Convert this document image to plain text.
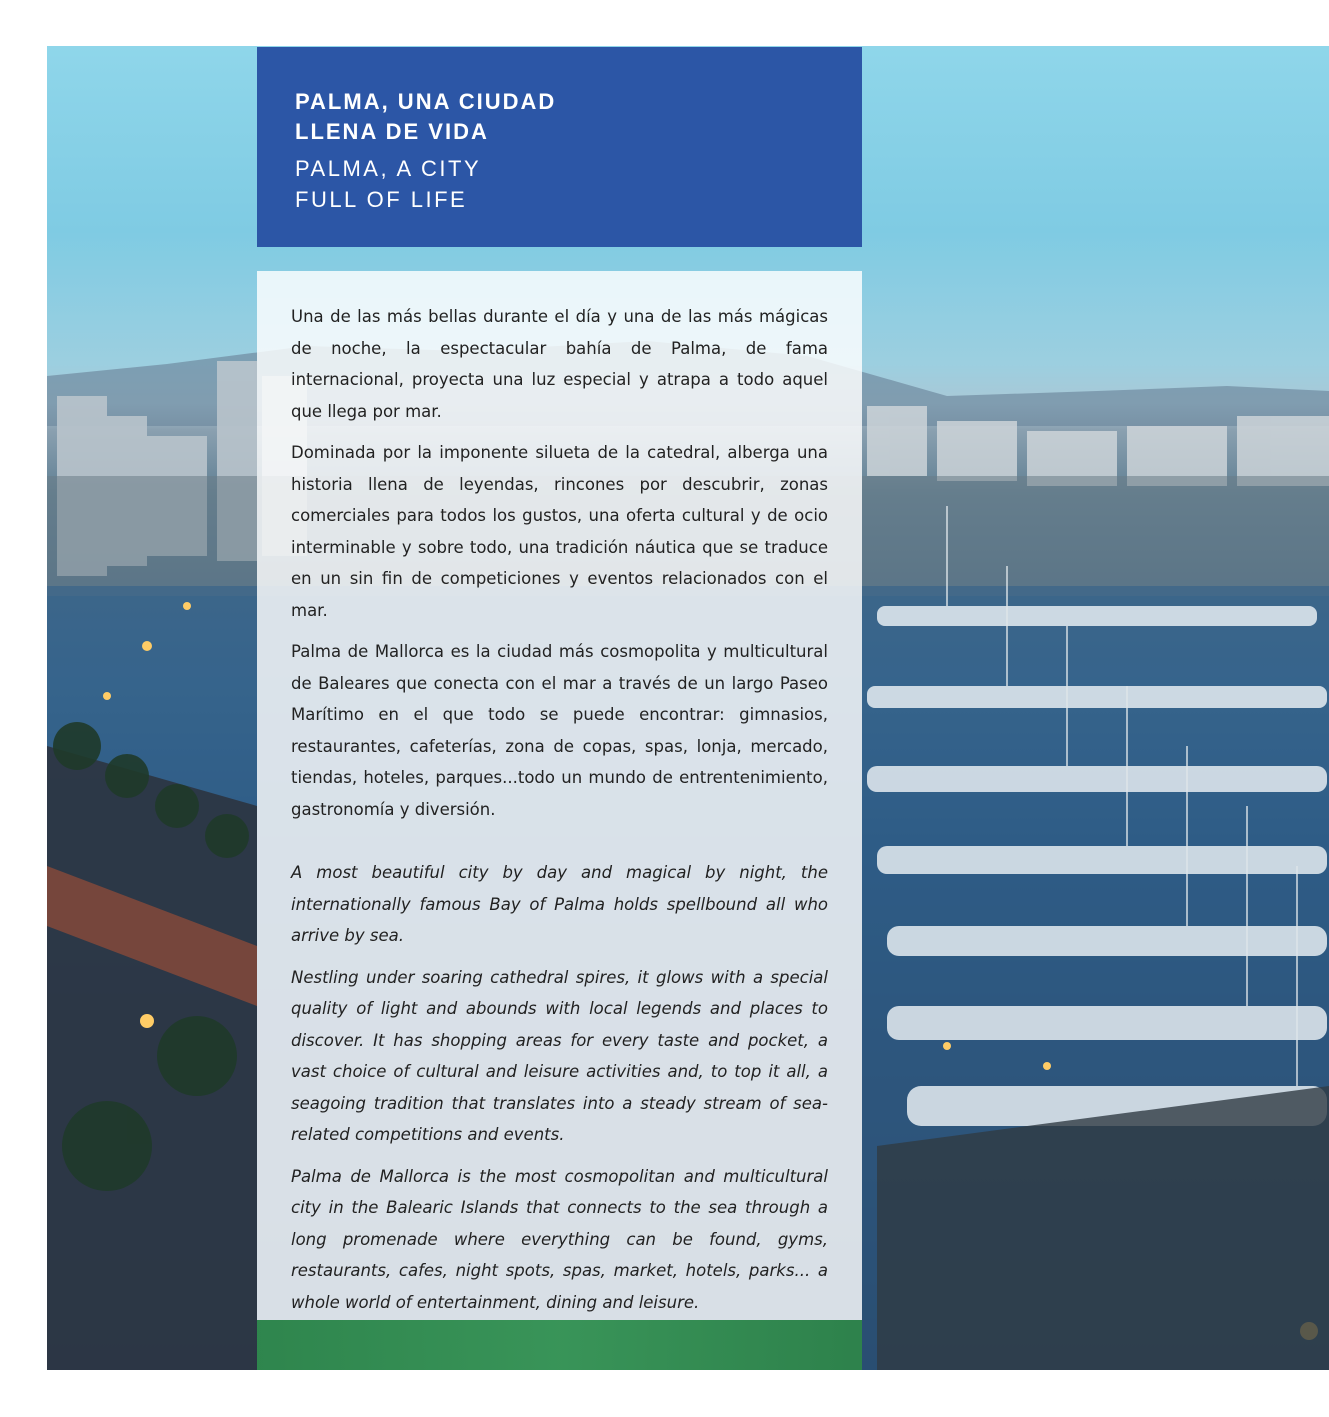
PALMA, UNA CIUDAD
LLENA DE VIDA
PALMA, A CITY
FULL OF LIFE

Una de las más bellas durante el día y una de las más mágicas de noche, la espectacular bahía de Palma, de fama internacional, proyecta una luz especial y atrapa a todo aquel que llega por mar.

Dominada por la imponente silueta de la catedral, alberga una historia llena de leyendas, rincones por descubrir, zonas comerciales para todos los gustos, una oferta cultural y de ocio interminable y sobre todo, una tradición náutica que se traduce en un sin fin de competiciones y eventos relacionados con el mar.

Palma de Mallorca es la ciudad más cosmopolita y multicultural de Baleares que conecta con el mar a través de un largo Paseo Marítimo en el que todo se puede encontrar: gimnasios, restaurantes, cafeterías, zona de copas, spas, lonja, mercado, tiendas, hoteles, parques...todo un mundo de entrentenimiento, gastronomía y diversión.

A most beautiful city by day and magical by night, the internationally famous Bay of Palma holds spellbound all who arrive by sea.

Nestling under soaring cathedral spires, it glows with a special quality of light and abounds with local legends and places to discover. It has shopping areas for every taste and pocket, a vast choice of cultural and leisure activities and, to top it all, a seagoing tradition that translates into a steady stream of sea-related competitions and events.

Palma de Mallorca is the most cosmopolitan and multicultural city in the Balearic Islands that connects to the sea through a long promenade where everything can be found, gyms, restaurants, cafes, night spots, spas, market, hotels, parks... a whole world of entertainment, dining and leisure.
